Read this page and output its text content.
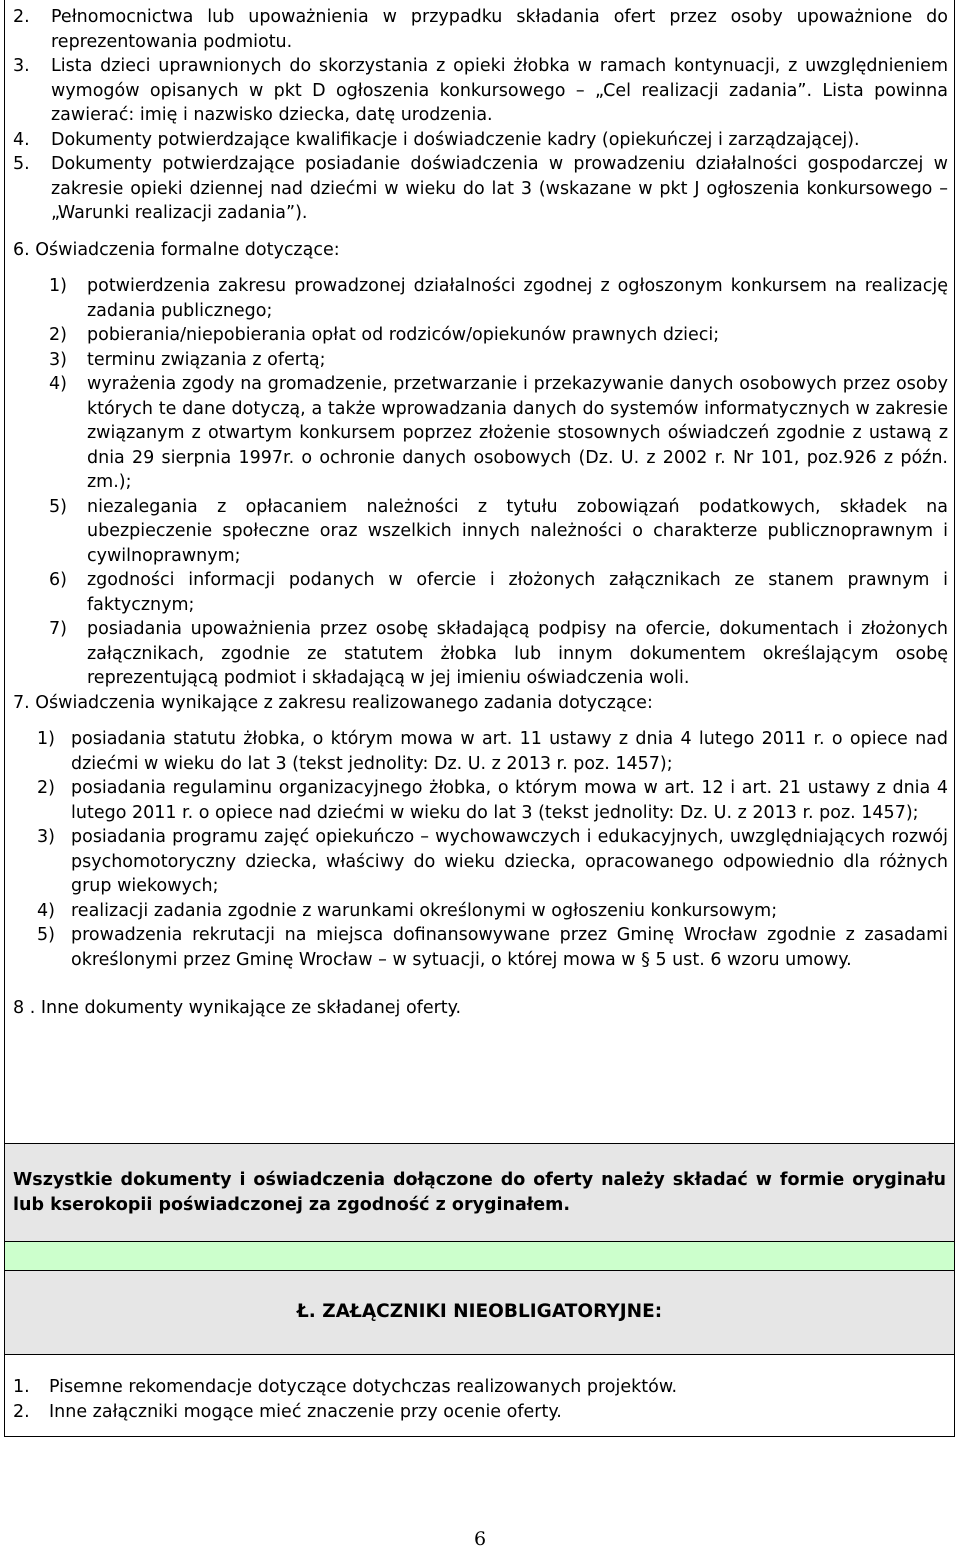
2.	Pełnomocnictwa lub upoważnienia w przypadku składania ofert przez osoby upoważnione do reprezentowania podmiotu.
3.	Lista dzieci uprawnionych do skorzystania z opieki żłobka w ramach kontynuacji, z uwzględnieniem wymogów opisanych w pkt D ogłoszenia konkursowego – „Cel realizacji zadania”. Lista powinna zawierać: imię i nazwisko dziecka, datę urodzenia.
4.	Dokumenty potwierdzające kwalifikacje i doświadczenie kadry (opiekuńczej i zarządzającej).
5.	Dokumenty potwierdzające posiadanie doświadczenia w prowadzeniu działalności gospodarczej w zakresie opieki dziennej nad dziećmi w wieku do lat 3 (wskazane w pkt J ogłoszenia konkursowego – „Warunki realizacji zadania”).
6. Oświadczenia formalne dotyczące:
1)	potwierdzenia zakresu prowadzonej działalności zgodnej z ogłoszonym konkursem na realizację zadania publicznego;
2)	pobierania/niepobierania opłat od rodziców/opiekunów prawnych dzieci;
3)	terminu związania z ofertą;
4)	wyrażenia zgody na gromadzenie, przetwarzanie i przekazywanie danych osobowych przez osoby których te dane dotyczą, a także wprowadzania danych do systemów informatycznych w zakresie związanym z otwartym konkursem poprzez złożenie stosownych oświadczeń zgodnie z ustawą z dnia 29 sierpnia 1997r. o ochronie danych osobowych (Dz. U. z 2002 r. Nr 101, poz.926 z późn. zm.);
5)	niezalegania z opłacaniem należności z tytułu zobowiązań podatkowych, składek na ubezpieczenie społeczne oraz wszelkich innych należności o charakterze publicznoprawnym i cywilnoprawnym;
6)	zgodności informacji podanych w ofercie i złożonych załącznikach ze stanem prawnym i faktycznym;
7)	posiadania upoważnienia przez osobę składającą podpisy na ofercie, dokumentach i złożonych załącznikach, zgodnie ze statutem żłobka lub innym dokumentem określającym osobę reprezentującą podmiot i składającą w jej imieniu oświadczenia woli.
7. Oświadczenia wynikające z zakresu realizowanego zadania dotyczące:
1) posiadania statutu żłobka, o którym mowa w art. 11 ustawy z dnia 4 lutego 2011 r. o opiece nad dziećmi w wieku do lat 3 (tekst jednolity: Dz. U. z 2013 r. poz. 1457);
2) posiadania regulaminu organizacyjnego żłobka, o którym mowa w art. 12 i art. 21 ustawy z dnia 4 lutego 2011 r. o opiece nad dziećmi w wieku do lat 3 (tekst jednolity: Dz. U. z 2013 r. poz. 1457);
3) posiadania programu zajęć opiekuńczo – wychowawczych i edukacyjnych, uwzględniających rozwój psychomotoryczny dziecka, właściwy do wieku dziecka, opracowanego odpowiednio dla różnych grup wiekowych;
4) realizacji zadania zgodnie z warunkami określonymi w ogłoszeniu konkursowym;
5) prowadzenia rekrutacji na miejsca dofinansowywane przez Gminę Wrocław zgodnie z zasadami określonymi przez Gminę Wrocław – w sytuacji, o której mowa w § 5 ust. 6 wzoru umowy.
8 . Inne dokumenty wynikające ze składanej oferty.
Wszystkie dokumenty i oświadczenia dołączone do oferty należy składać w formie oryginału lub kserokopii poświadczonej za zgodność z oryginałem.
Ł. ZAŁĄCZNIKI NIEOBLIGATORYJNE:
1.	Pisemne rekomendacje dotyczące dotychczas realizowanych projektów.
2.	Inne załączniki mogące mieć znaczenie przy ocenie oferty.
6
